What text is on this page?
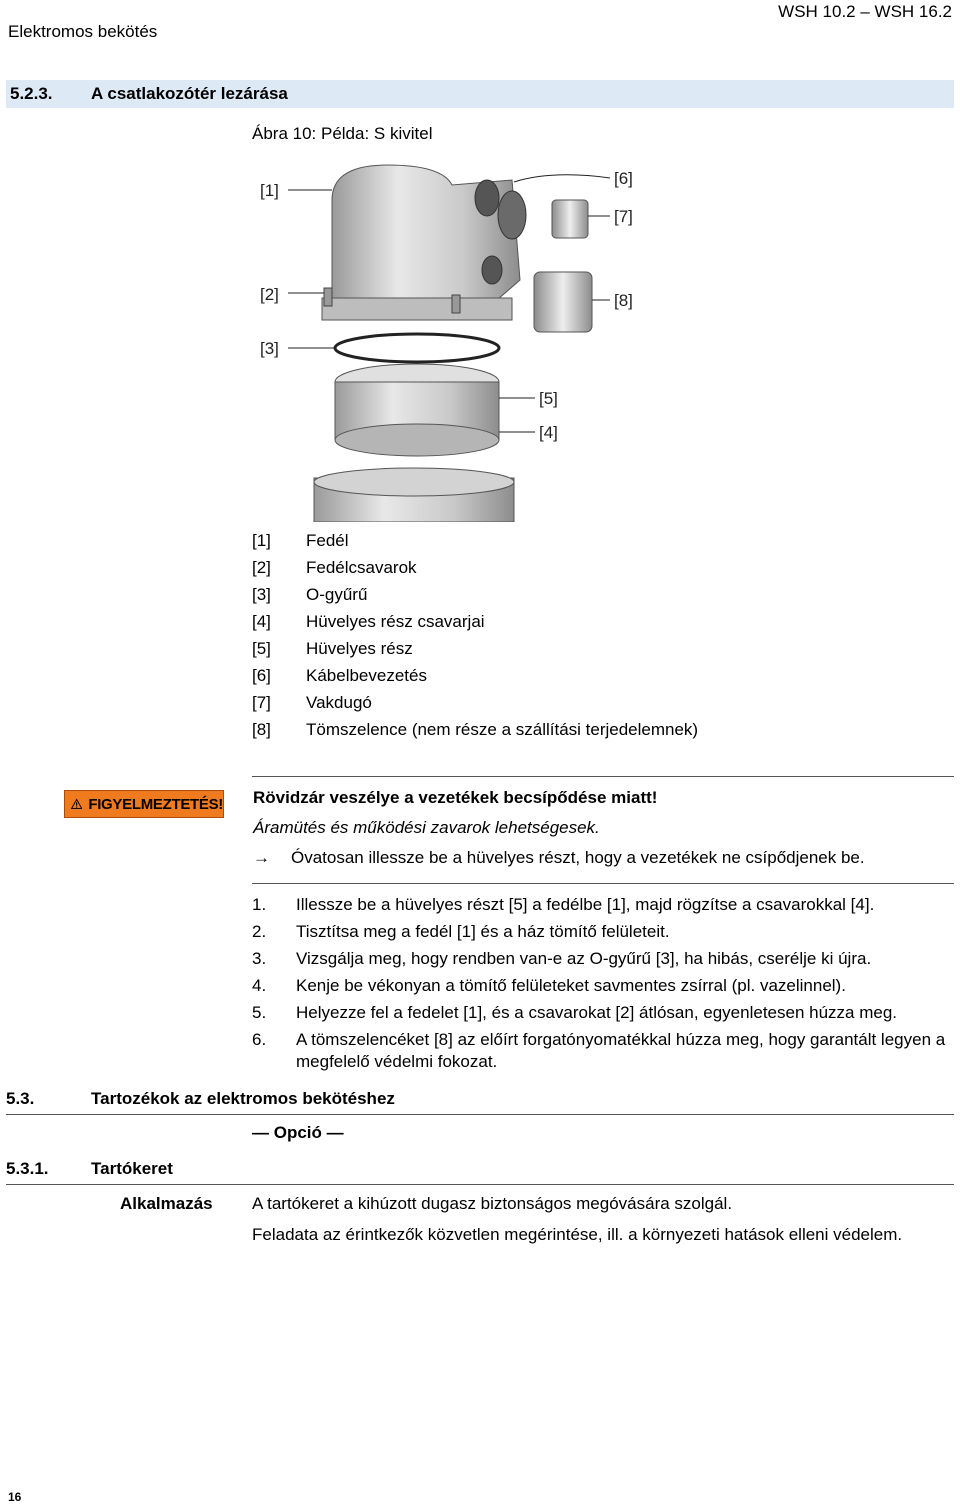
Elektromos bekötés
WSH 10.2 – WSH 16.2
5.2.3. A csatlakozótér lezárása
Ábra 10: Példa: S kivitel
[1]
[2]
[3]
[4]
[5]
[6]
[7]
[8]
[1]	Fedél
[2]	Fedélcsavarok
[3]	O-gyűrű
[4]	Hüvelyes rész csavarjai
[5]	Hüvelyes rész
[6]	Kábelbevezetés
[7]	Vakdugó
[8]	Tömszelence (nem része a szállítási terjedelemnek)
FIGYELMEZTETÉS! Rövidzár veszélye a vezetékek becsípődése miatt!
Áramütés és működési zavarok lehetségesek.
→ Óvatosan illessze be a hüvelyes részt, hogy a vezetékek ne csípődjenek be.
1.	Illessze be a hüvelyes részt [5] a fedélbe [1], majd rögzítse a csavarokkal [4].
2.	Tisztítsa meg a fedél [1] és a ház tömítő felületeit.
3.	Vizsgálja meg, hogy rendben van-e az O-gyűrű [3], ha hibás, cserélje ki újra.
4.	Kenje be vékonyan a tömítő felületeket savmentes zsírral (pl. vazelinnel).
5.	Helyezze fel a fedelet [1], és a csavarokat [2] átlósan, egyenletesen húzza meg.
6.	A tömszelencéket [8] az előírt forgatónyomatékkal húzza meg, hogy garantált legyen a megfelelő védelmi fokozat.
5.3.	Tartozékok az elektromos bekötéshez
— Opció —
5.3.1. Tartókeret
Alkalmazás A tartókeret a kihúzott dugasz biztonságos megóvására szolgál.
Feladata az érintkezők közvetlen megérintése, ill. a környezeti hatások elleni védelem.
16
